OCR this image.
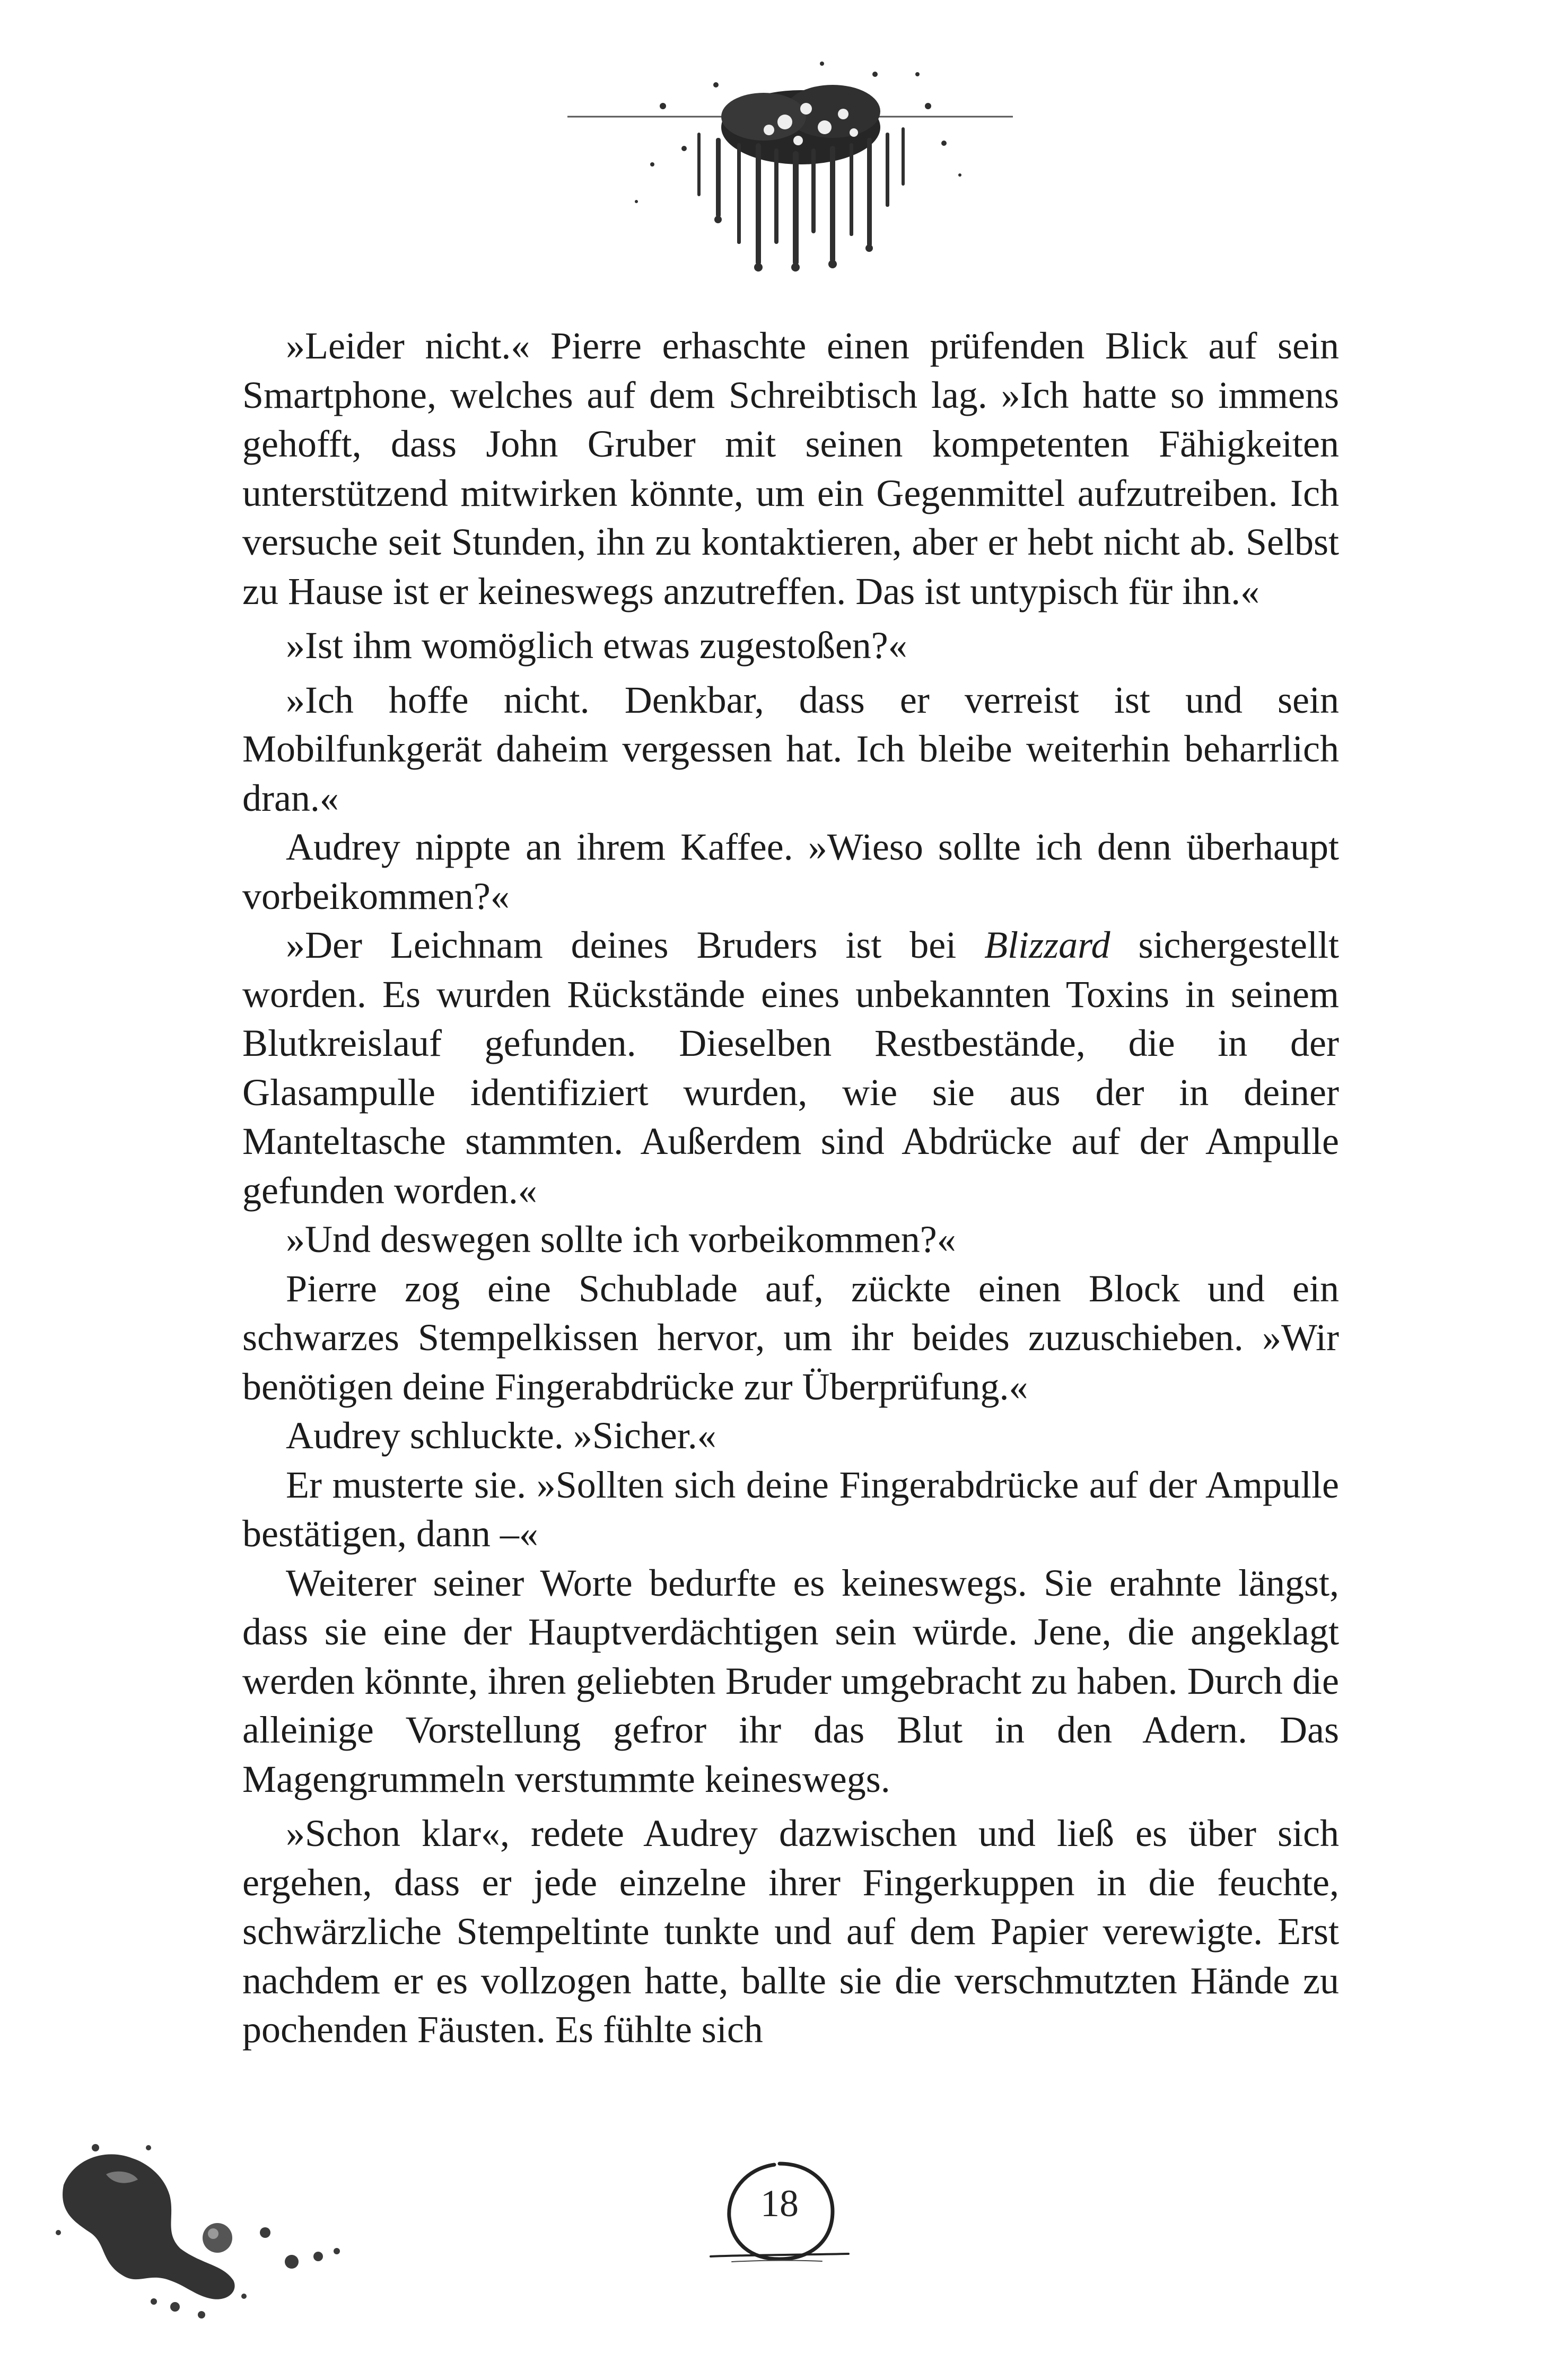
»Leider nicht.« Pierre erhaschte einen prüfenden Blick auf sein Smartphone, welches auf dem Schreibtisch lag. »Ich hatte so immens gehofft, dass John Gruber mit seinen kompetenten Fähigkeiten unterstützend mitwirken könnte, um ein Gegenmittel aufzutreiben. Ich versuche seit Stunden, ihn zu kontaktieren, aber er hebt nicht ab. Selbst zu Hause ist er keineswegs anzutreffen. Das ist untypisch für ihn.«

»Ist ihm womöglich etwas zugestoßen?«

»Ich hoffe nicht. Denkbar, dass er verreist ist und sein Mobilfunkgerät daheim vergessen hat. Ich bleibe weiterhin beharrlich dran.«

Audrey nippte an ihrem Kaffee. »Wieso sollte ich denn überhaupt vorbeikommen?«

»Der Leichnam deines Bruders ist bei Blizzard sichergestellt worden. Es wurden Rückstände eines unbekannten Toxins in seinem Blutkreislauf gefunden. Dieselben Restbestände, die in der Glasampulle identifiziert wurden, wie sie aus der in deiner Manteltasche stammten. Außerdem sind Abdrücke auf der Ampulle gefunden worden.«

»Und deswegen sollte ich vorbeikommen?«

Pierre zog eine Schublade auf, zückte einen Block und ein schwarzes Stempelkissen hervor, um ihr beides zuzuschieben. »Wir benötigen deine Fingerabdrücke zur Überprüfung.«

Audrey schluckte. »Sicher.«

Er musterte sie. »Sollten sich deine Fingerabdrücke auf der Ampulle bestätigen, dann –«

Weiterer seiner Worte bedurfte es keineswegs. Sie erahnte längst, dass sie eine der Hauptverdächtigen sein würde. Jene, die angeklagt werden könnte, ihren geliebten Bruder umgebracht zu haben. Durch die alleinige Vorstellung gefror ihr das Blut in den Adern. Das Magengrummeln verstummte keineswegs.

»Schon klar«, redete Audrey dazwischen und ließ es über sich ergehen, dass er jede einzelne ihrer Fingerkuppen in die feuchte, schwärzliche Stempeltinte tunkte und auf dem Papier verewigte. Erst nachdem er es vollzogen hatte, ballte sie die verschmutzten Hände zu pochenden Fäusten. Es fühlte sich

18
